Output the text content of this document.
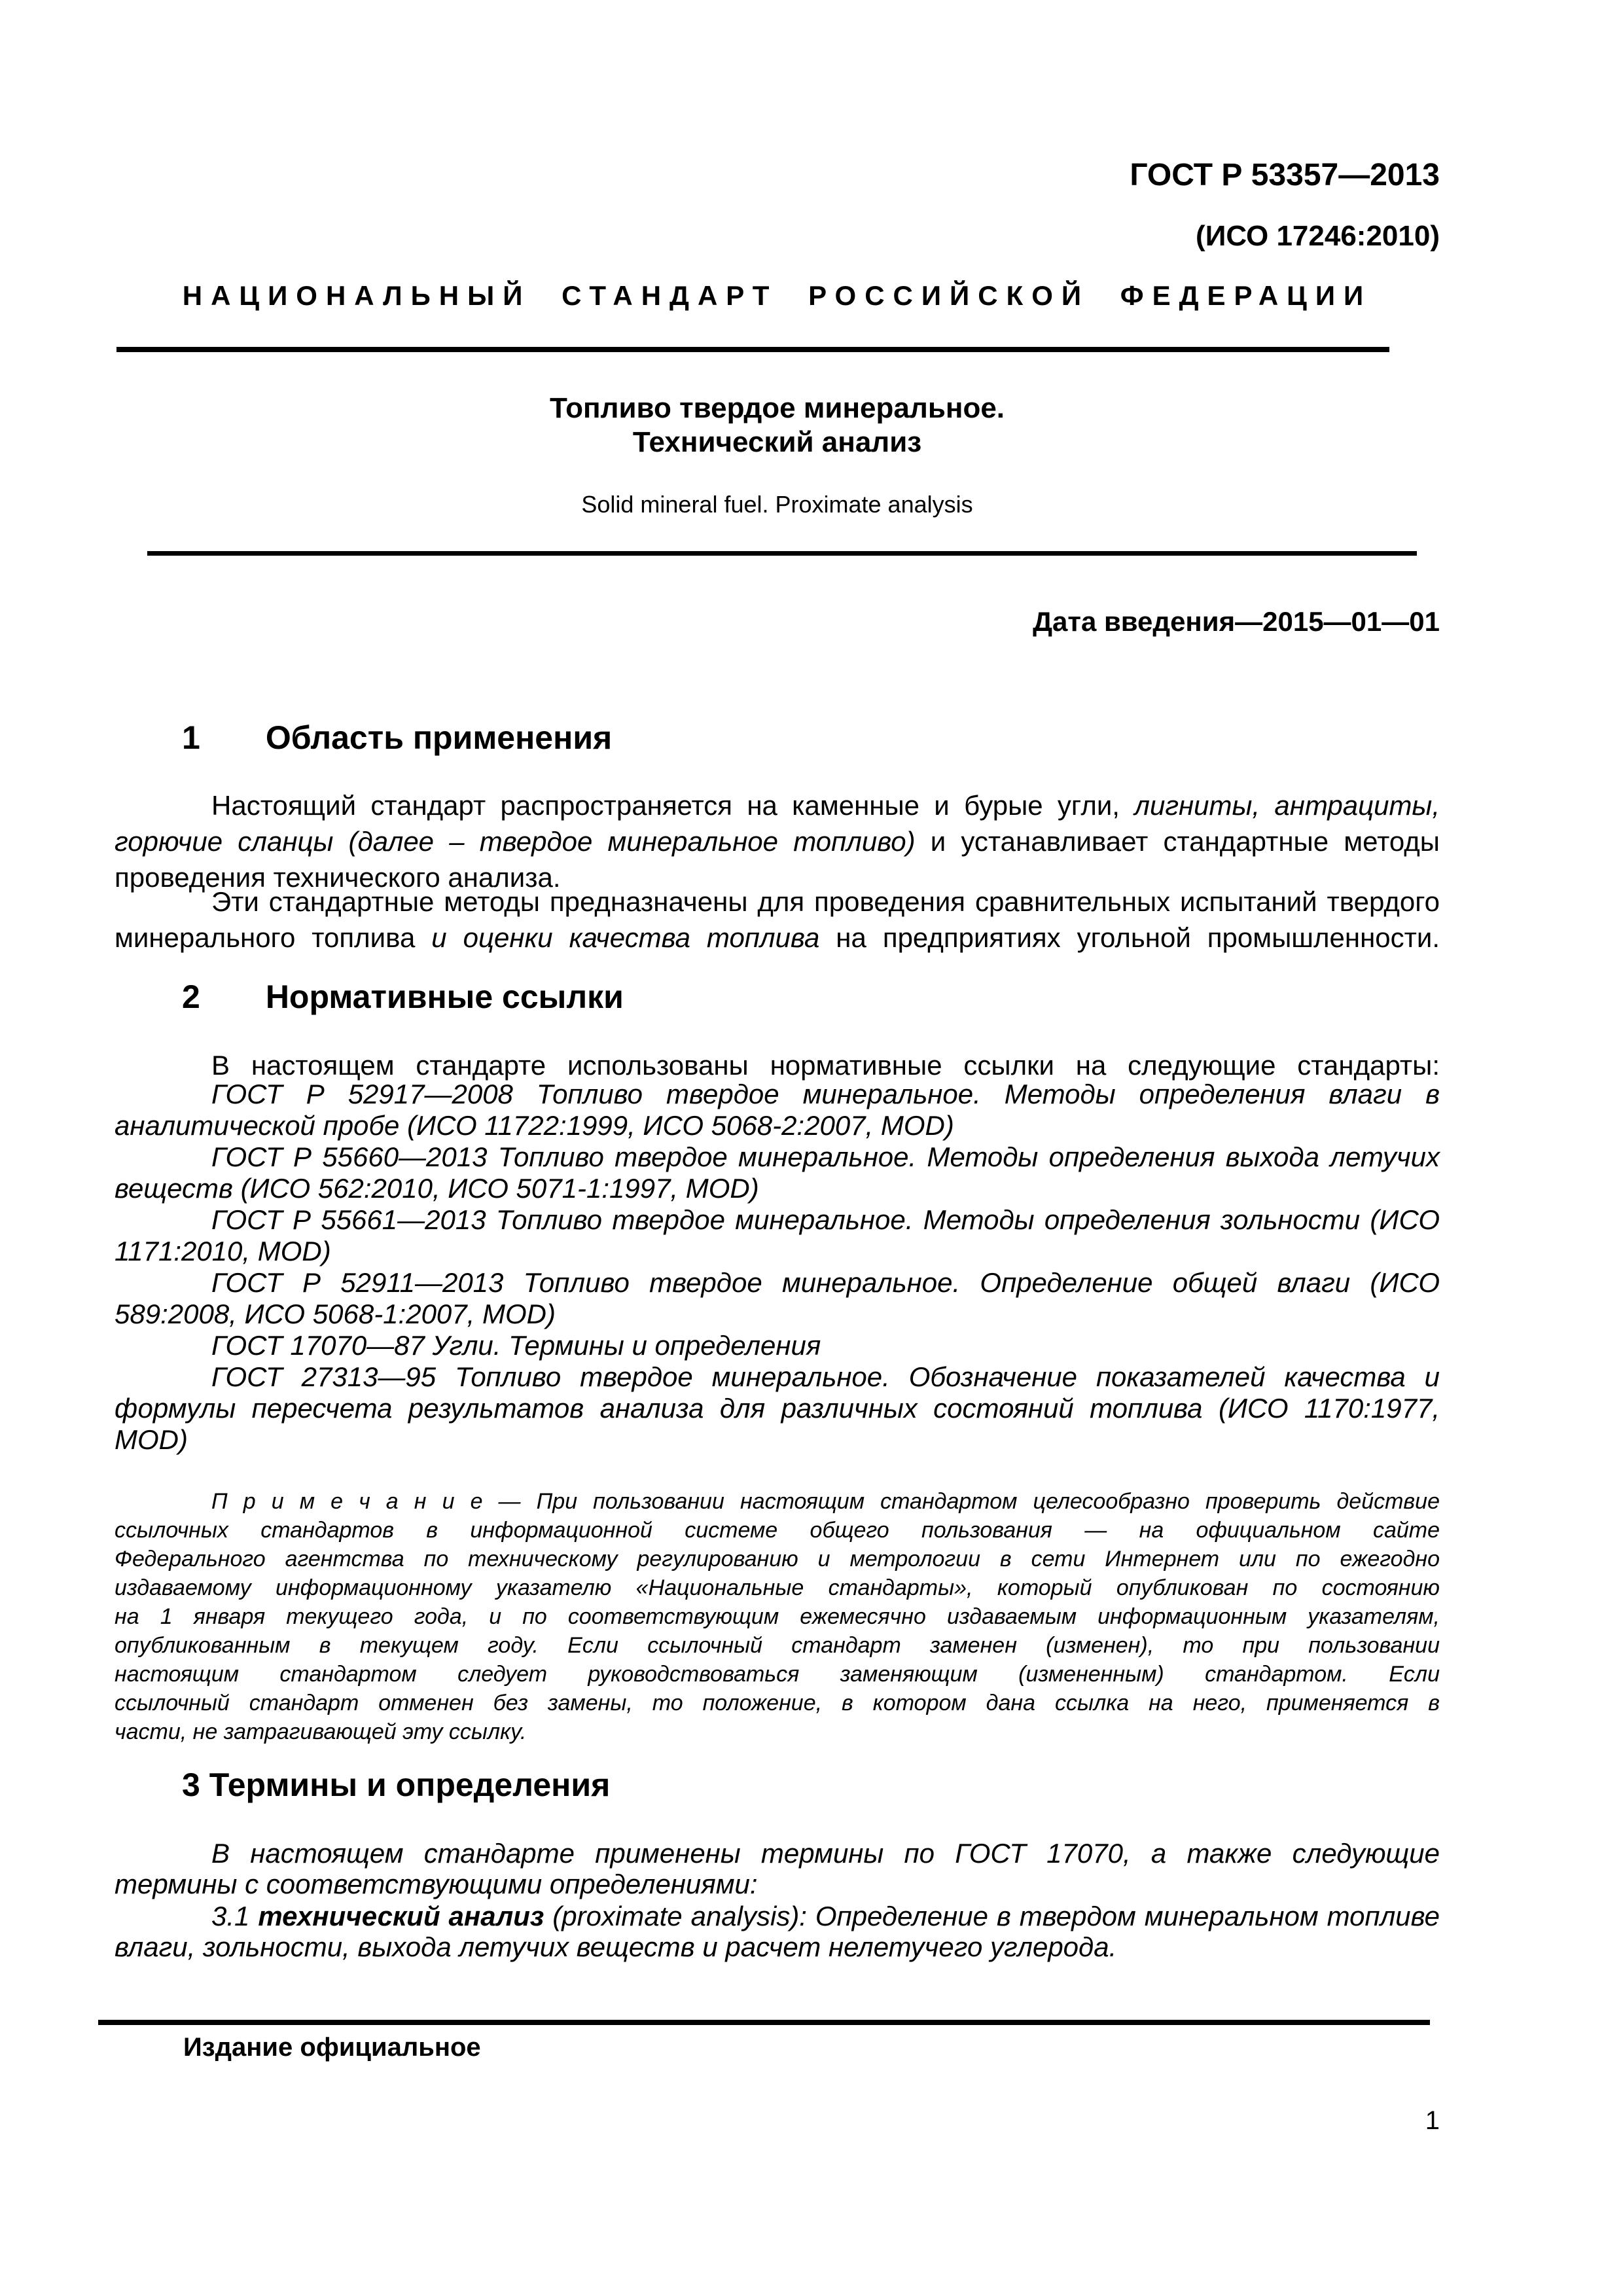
ГОСТ Р 53357—2013
(ИСО 17246:2010)
НАЦИОНАЛЬНЫЙ СТАНДАРТ РОССИЙСКОЙ ФЕДЕРАЦИИ
Топливо твердое минеральное.
Технический анализ
Solid mineral fuel. Proximate analysis
Дата введения—2015—01—01
1 Область применения
Настоящий стандарт распространяется на каменные и бурые угли, лигниты, антрациты,
горючие сланцы (далее – твердое минеральное топливо) и устанавливает стандартные методы
проведения технического анализа.
Эти стандартные методы предназначены для проведения сравнительных испытаний твердого
минерального топлива и оценки качества топлива на предприятиях угольной промышленности.
2 Нормативные ссылки
В настоящем стандарте использованы нормативные ссылки на следующие стандарты:
ГОСТ Р 52917—2008 Топливо твердое минеральное. Методы определения влаги в
аналитической пробе (ИСО 11722:1999, ИСО 5068-2:2007, MOD)
ГОСТ Р 55660—2013 Топливо твердое минеральное. Методы определения выхода летучих
веществ (ИСО 562:2010, ИСО 5071-1:1997, MOD)
ГОСТ Р 55661—2013 Топливо твердое минеральное. Методы определения зольности (ИСО
1171:2010, MOD)
ГОСТ Р 52911—2013 Топливо твердое минеральное. Определение общей влаги (ИСО
589:2008, ИСО 5068-1:2007, MOD)
ГОСТ 17070—87 Угли. Термины и определения
ГОСТ 27313—95 Топливо твердое минеральное. Обозначение показателей качества и
формулы пересчета результатов анализа для различных состояний топлива (ИСО 1170:1977,
MOD)
П р и м е ч а н и е — При пользовании настоящим стандартом целесообразно проверить действие
ссылочных стандартов в информационной системе общего пользования — на официальном сайте
Федерального агентства по техническому регулированию и метрологии в сети Интернет или по ежегодно
издаваемому информационному указателю «Национальные стандарты», который опубликован по состоянию
на 1 января текущего года, и по соответствующим ежемесячно издаваемым информационным указателям,
опубликованным в текущем году. Если ссылочный стандарт заменен (изменен), то при пользовании
настоящим стандартом следует руководствоваться заменяющим (измененным) стандартом. Если
ссылочный стандарт отменен без замены, то положение, в котором дана ссылка на него, применяется в
части, не затрагивающей эту ссылку.
3 Термины и определения
В настоящем стандарте применены термины по ГОСТ 17070, а также следующие
термины с соответствующими определениями:
3.1 технический анализ (proximate analysis): Определение в твердом минеральном топливе
влаги, зольности, выхода летучих веществ и расчет нелетучего углерода.
Издание официальное
1
